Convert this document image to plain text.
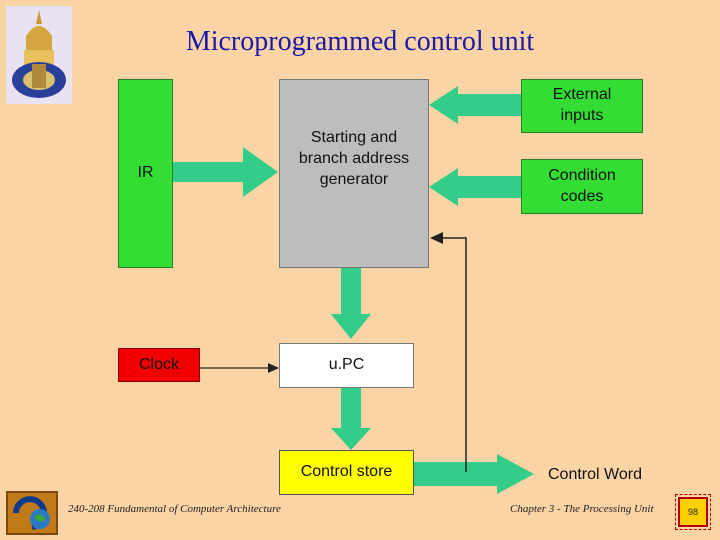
Microprogrammed control unit
IR
Starting and
branch address
generator
External
inputs
Condition
codes
Clock	u.PC
Control store	Control Word
240-208 Fundamental of Computer Architecture	Chapter 3 - The Processing Unit	98
